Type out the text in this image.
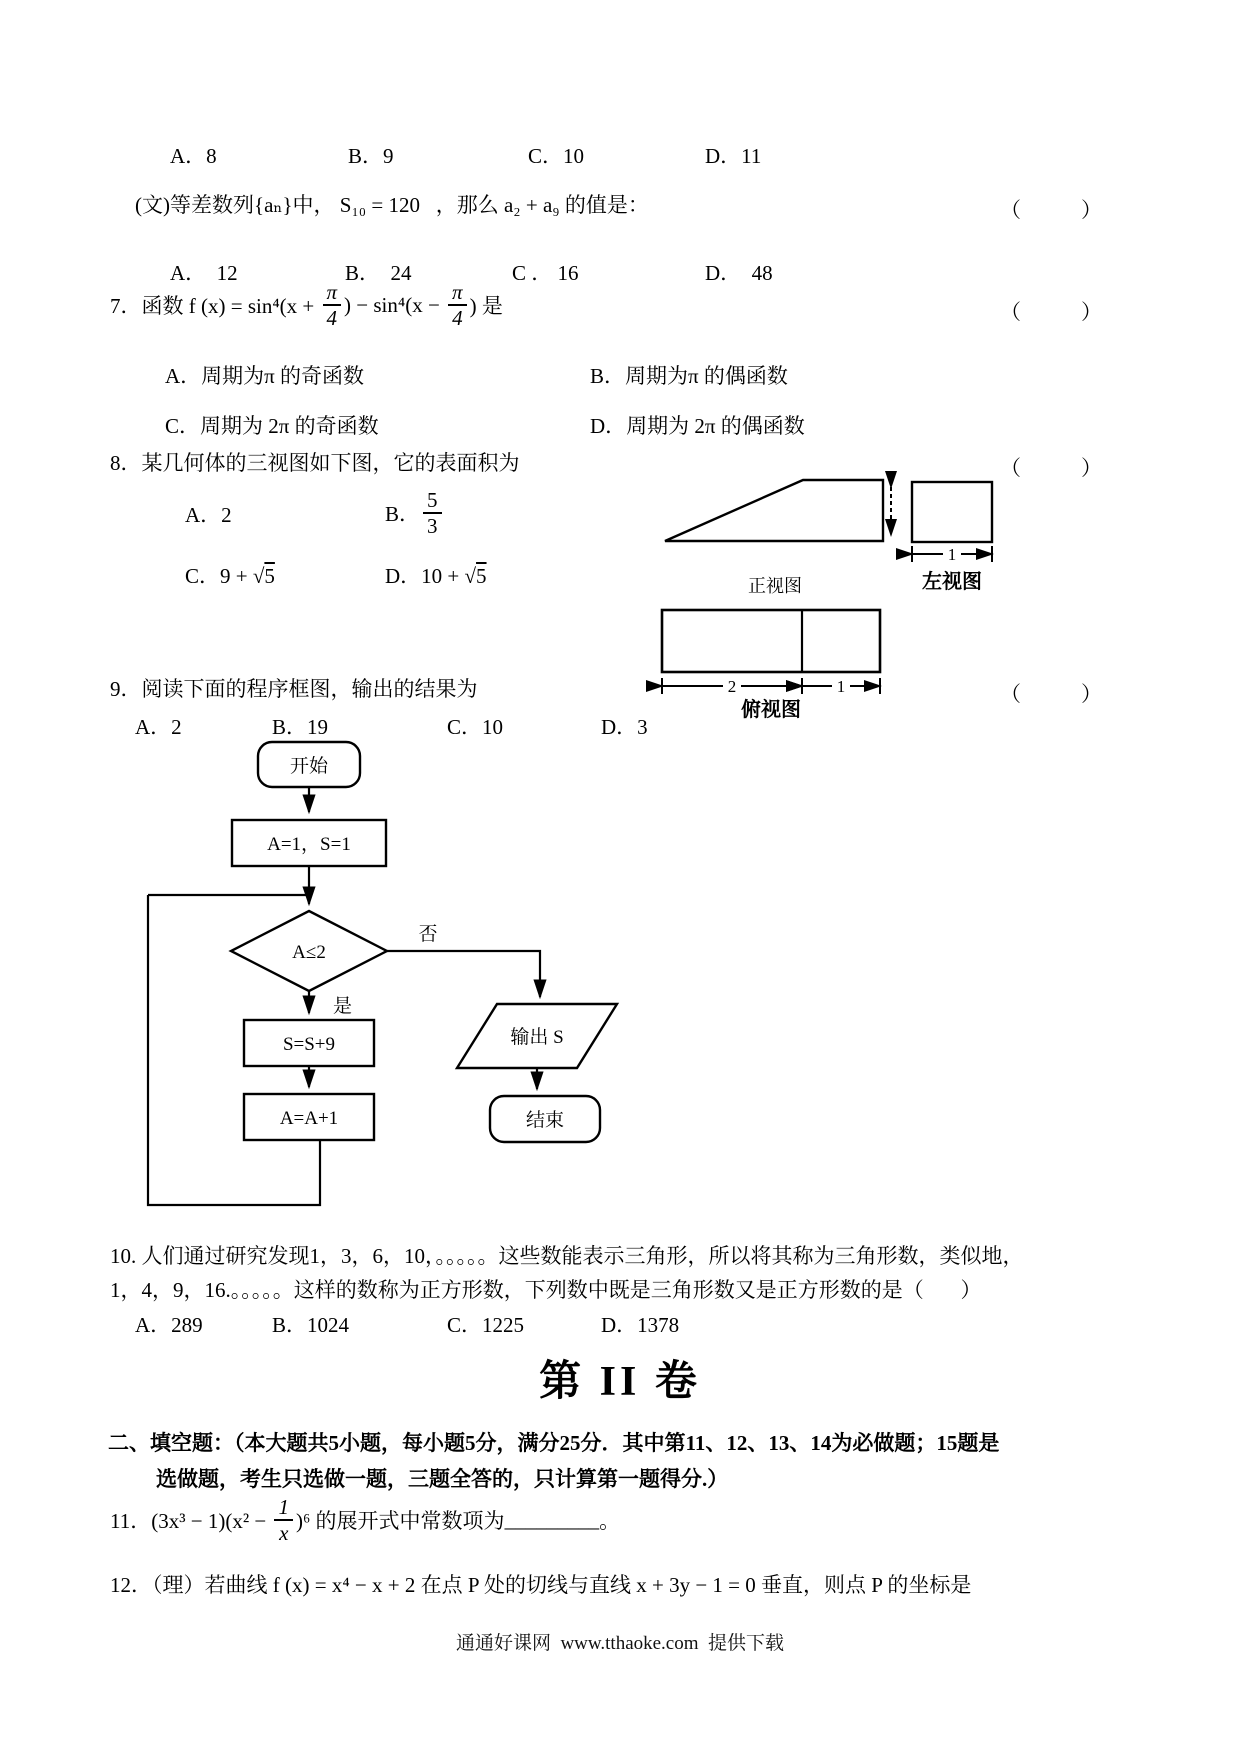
A．8	B．9	C．10	D．11
(文)等差数列{aₙ}中， S₁₀ = 120   ，那么 a₂ + a₉ 的值是：	（        ）
A．  12	B．  24	C ． 16	D．  48
7．函数 f $(x) = \sin^4(x + \frac{\pi}{4}$ ) − $\sin^4(x - \frac{\pi}{4}$ ) 是	（        ）
A．周期为π 的奇函数	B．周期为π 的偶函数
C．周期为 2π 的奇函数	D．周期为 2π 的偶函数
8．某几何体的三视图如下图，它的表面积为	（        ）
A．2	B． $\frac{5}{3}$
C．9 + √5	D．10 + √5	正视图
1
左视图
2	1
俯视图
9．阅读下面的程序框图，输出的结果为	（        ）
A．2	B．19	C．10	D．3
开始
A=1，S=1
A≤2
否
是
S=S+9
A=A+1
输出 S
结束
10. 人们通过研究发现1，3，6，10，。。。。。这些数能表示三角形，所以将其称为三角形数，类似地，
1，4，9，16.。。。。。这样的数称为正方形数，下列数中既是三角形数又是正方形数的是（       ）
A．289	B．1024	C．1225	D．1378
第 II 卷
二、填空题：（本大题共5小题，每小题5分，满分25分．其中第11、12、13、14为必做题；15题是
选做题，考生只选做一题，三题全答的，只计算第一题得分.）
11．$(3x^3 - 1)(x^2 - \frac{1}{x} )^6$ 的展开式中常数项为 _________ 。
12．（理）若曲线 f (x) = x⁴ − x + 2 在点 P 处的切线与直线 x + 3y − 1 = 0 垂直，则点 P 的坐标是
通通好课网  www.tthaoke.com  提供下载
